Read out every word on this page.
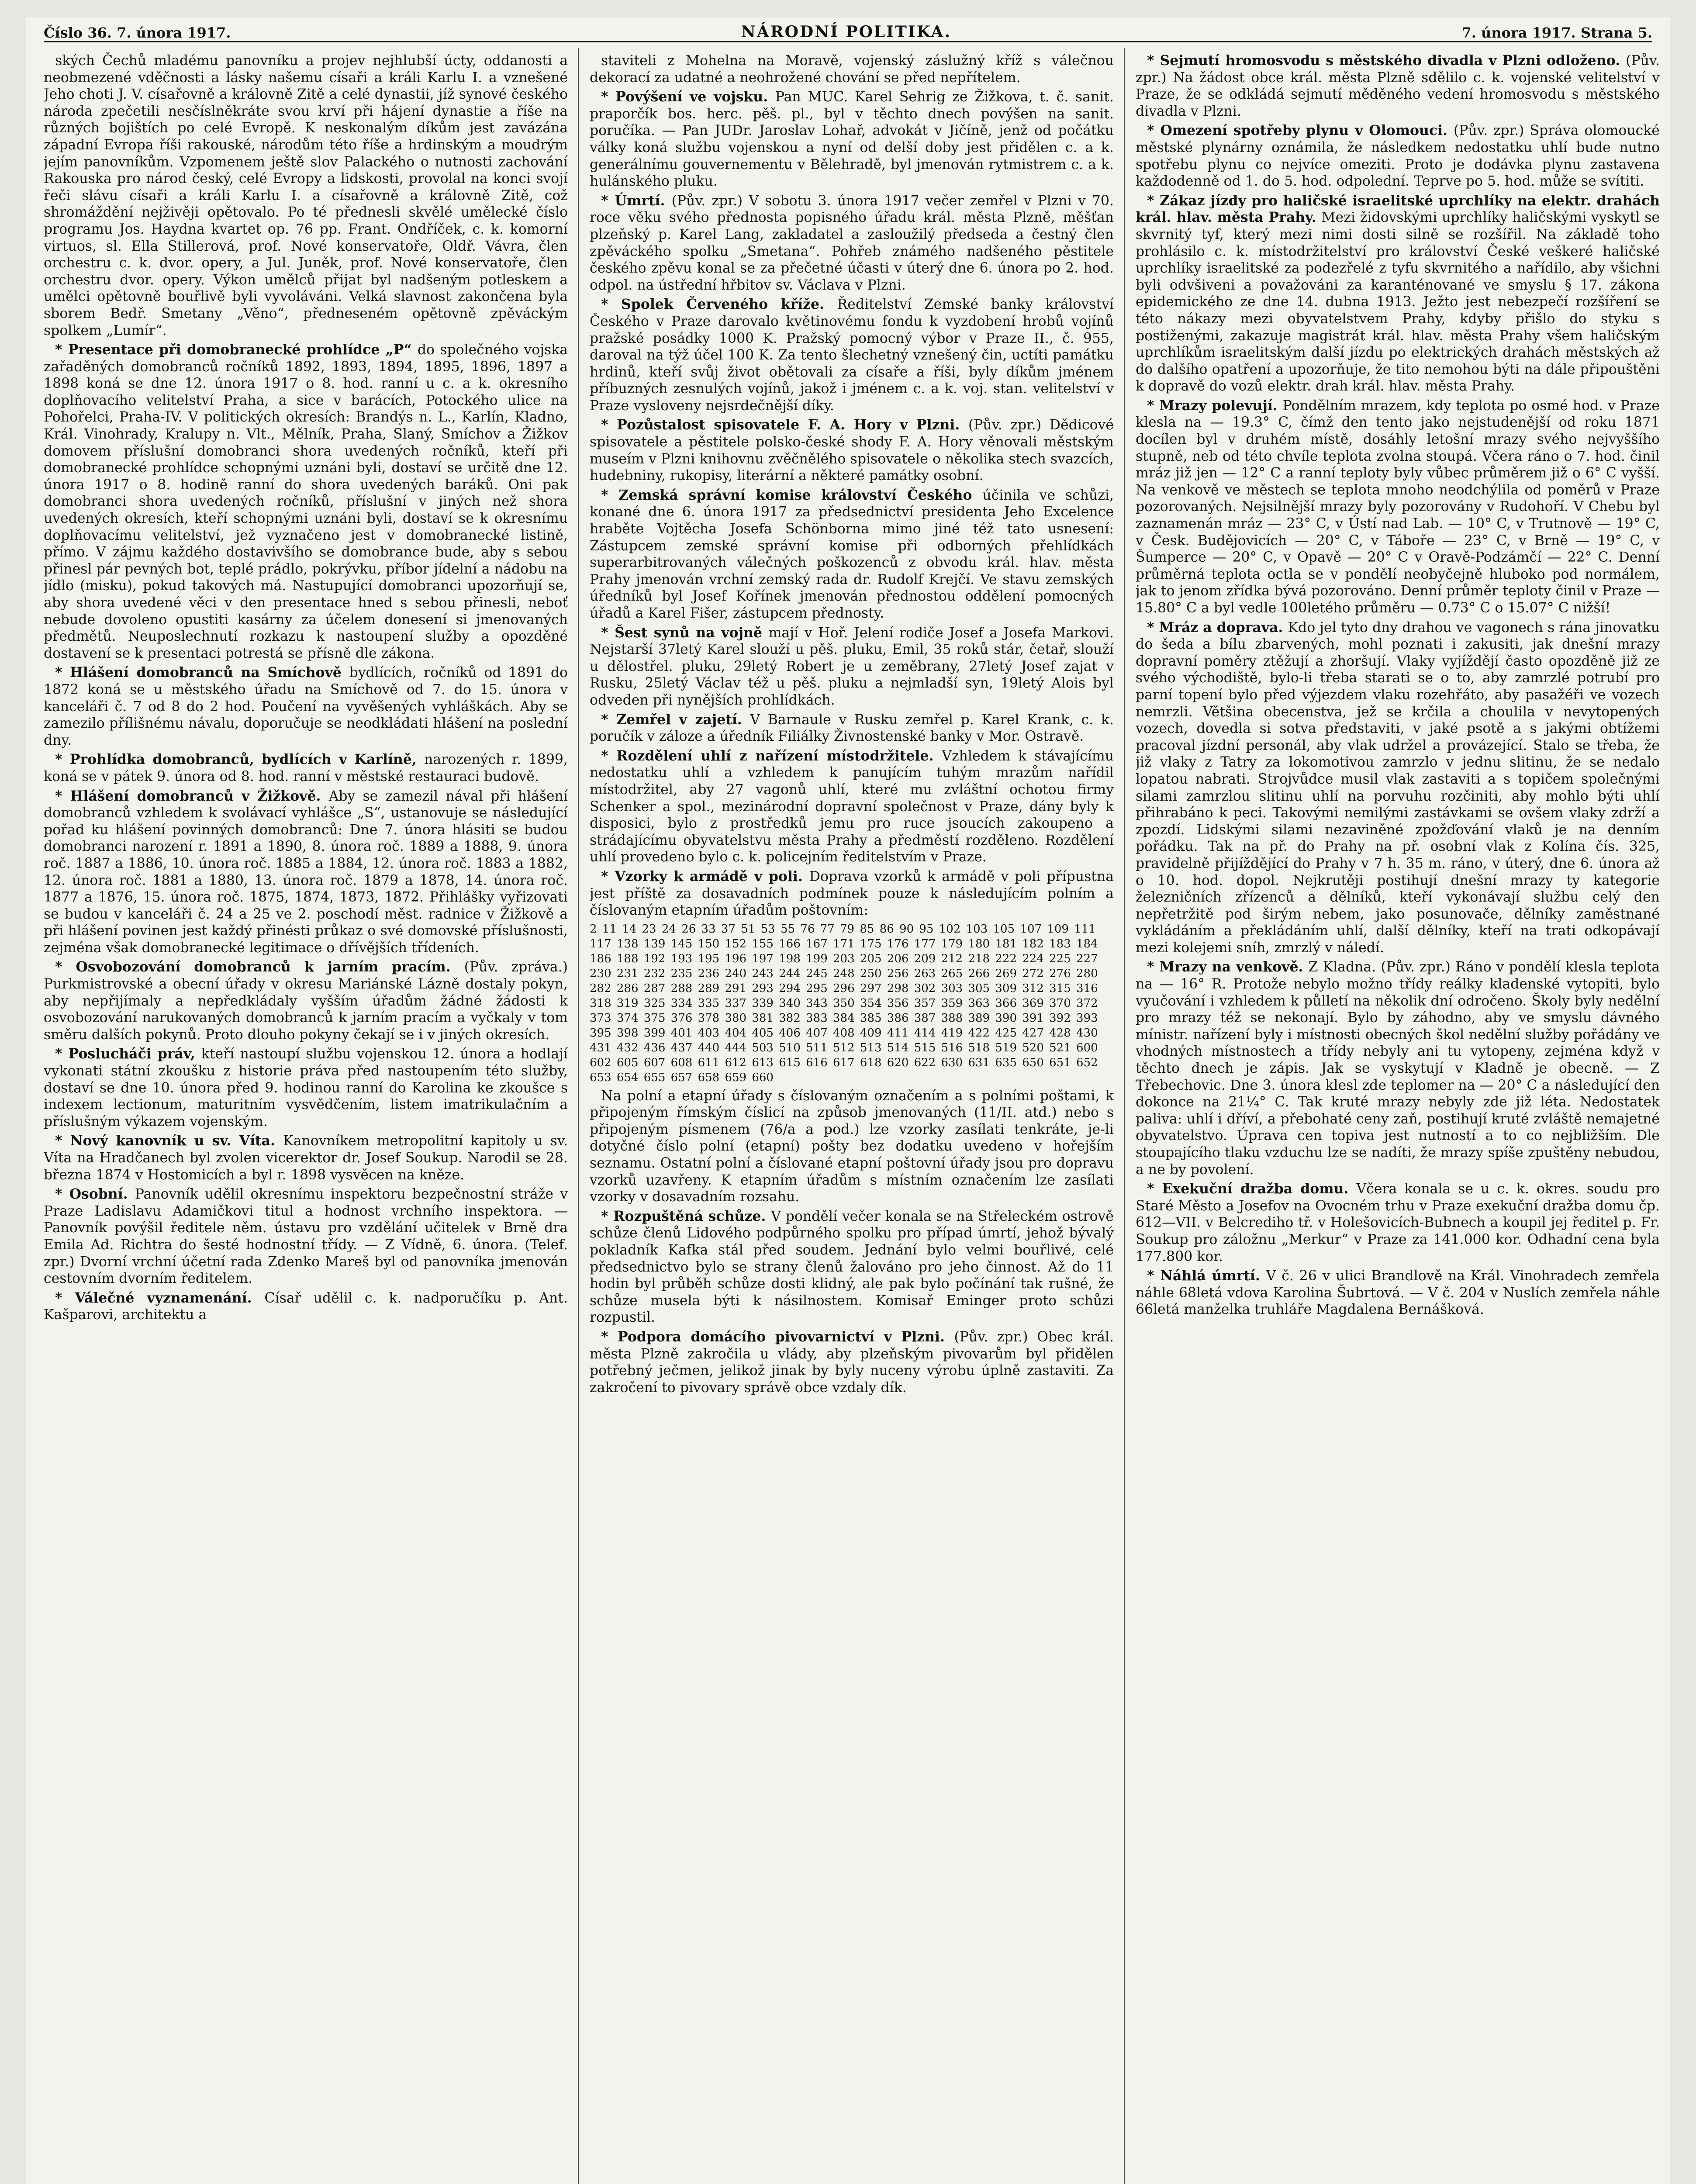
Číslo 36. 7. února 1917.	NÁRODNÍ POLITIKA.	7. února 1917. Strana 5.

ských Čechů mladému panovníku a projev nejhlubší úcty, oddanosti a neobmezené vděčnosti a lásky našemu císaři a králi Karlu I. a vznešené Jeho choti J. V. císařovně a královně Zitě a celé dynastii, jíž synové českého národa zpečetili nesčíslněkráte svou krví při hájení dynastie a říše na různých bojištích po celé Evropě. K neskonalým díkům jest zavázána západní Evropa říši rakouské, národům této říše a hrdinským a moudrým jejím panovníkům. Vzpomenem ještě slov Palackého o nutnosti zachování Rakouska pro národ český, celé Evropy a lidskosti, provolal na konci svojí řeči slávu císaři a králi Karlu I. a císařovně a královně Zitě, což shromáždění nejživěji opětovalo. Po té přednesli skvělé umělecké číslo programu Jos. Haydna kvartet op. 76 pp. Frant. Ondříček, c. k. komorní virtuos, sl. Ella Stillerová, prof. Nové konservatoře, Oldř. Vávra, člen orchestru c. k. dvor. opery, a Jul. Juněk, prof. Nové konservatoře, člen orchestru dvor. opery. Výkon umělců přijat byl nadšeným potleskem a umělci opětovně bouřlivě byli vyvoláváni. Velká slavnost zakončena byla sborem Bedř. Smetany „Věno“, předneseném opětovně zpěváckým spolkem „Lumír“.

* Presentace při domobranecké prohlídce „P“ do společného vojska zařaděných domobranců ročníků 1892, 1893, 1894, 1895, 1896, 1897 a 1898 koná se dne 12. února 1917 o 8. hod. ranní u c. a k. okresního doplňovacího velitelství Praha, a sice v barácích, Potockého ulice na Pohořelci, Praha-IV. V politických okresích: Brandýs n. L., Karlín, Kladno, Král. Vinohrady, Kralupy n. Vlt., Mělník, Praha, Slaný, Smíchov a Žižkov domovem příslušní domobranci shora uvedených ročníků, kteří při domobranecké prohlídce schopnými uznáni byli, dostaví se určitě dne 12. února 1917 o 8. hodině ranní do shora uvedených baráků. Oni pak domobranci shora uvedených ročníků, příslušní v jiných než shora uvedených okresích, kteří schopnými uznáni byli, dostaví se k okresnímu doplňovacímu velitelství, jež vyznačeno jest v domobranecké listině, přímo. V zájmu každého dostavivšího se domobrance bude, aby s sebou přinesl pár pevných bot, teplé prádlo, pokrývku, příbor jídelní a nádobu na jídlo (misku), pokud takových má. Nastupující domobranci upozorňují se, aby shora uvedené věci v den presentace hned s sebou přinesli, neboť nebude dovoleno opustiti kasárny za účelem donesení si jmenovaných předmětů. Neuposlechnutí rozkazu k nastoupení služby a opozděné dostavení se k presentaci potrestá se přísně dle zákona.

* Hlášení domobranců na Smíchově bydlících, ročníků od 1891 do 1872 koná se u městského úřadu na Smíchově od 7. do 15. února v kanceláři č. 7 od 8 do 2 hod. Poučení na vyvěšených vyhláškách. Aby se zamezilo přílišnému návalu, doporučuje se neodkládati hlášení na poslední dny.

* Prohlídka domobranců, bydlících v Karlíně, narozených r. 1899, koná se v pátek 9. února od 8. hod. ranní v městské restauraci budově.

* Hlášení domobranců v Žižkově. Aby se zamezil nával při hlášení domobranců vzhledem k svolávací vyhlášce „S“, ustanovuje se následující pořad ku hlášení povinných domobranců: Dne 7. února hlásiti se budou domobranci narození r. 1891 a 1890, 8. února roč. 1889 a 1888, 9. února roč. 1887 a 1886, 10. února roč. 1885 a 1884, 12. února roč. 1883 a 1882, 12. února roč. 1881 a 1880, 13. února roč. 1879 a 1878, 14. února roč. 1877 a 1876, 15. února roč. 1875, 1874, 1873, 1872. Přihlášky vyřizovati se budou v kanceláři č. 24 a 25 ve 2. poschodí měst. radnice v Žižkově a při hlášení povinen jest každý přinésti průkaz o své domovské příslušnosti, zejména však domobranecké legitimace o dřívějších třídeních.

* Osvobozování domobranců k jarním pracím. (Pův. zpráva.) Purkmistrovské a obecní úřady v okresu Mariánské Lázně dostaly pokyn, aby nepřijímaly a nepředkládaly vyšším úřadům žádné žádosti k osvobozování narukovaných domobranců k jarním pracím a vyčkaly v tom směru dalších pokynů. Proto dlouho pokyny čekají se i v jiných okresích.

* Poslucháči práv, kteří nastoupí službu vojenskou 12. února a hodlají vykonati státní zkoušku z historie práva před nastoupením této služby, dostaví se dne 10. února před 9. hodinou ranní do Karolina ke zkoušce s indexem lectionum, maturitním vysvědčením, listem imatrikulačním a příslušným výkazem vojenským.

* Nový kanovník u sv. Víta. Kanovníkem metropolitní kapitoly u sv. Víta na Hradčanech byl zvolen vicerektor dr. Josef Soukup. Narodil se 28. března 1874 v Hostomicích a byl r. 1898 vysvěcen na kněze.

* Osobní. Panovník udělil okresnímu inspektoru bezpečnostní stráže v Praze Ladislavu Adamičkovi titul a hodnost vrchního inspektora. — Panovník povýšil ředitele něm. ústavu pro vzdělání učitelek v Brně dra Emila Ad. Richtra do šesté hodnostní třídy. — Z Vídně, 6. února. (Telef. zpr.) Dvorní vrchní účetní rada Zdenko Mareš byl od panovníka jmenován cestovním dvorním ředitelem.

* Válečné vyznamenání. Císař udělil c. k. nadporučíku p. Ant. Kašparovi, architektu a

staviteli z Mohelna na Moravě, vojenský záslužný kříž s válečnou dekorací za udatné a neohrožené chování se před nepřítelem.

* Povýšení ve vojsku. Pan MUC. Karel Sehrig ze Žižkova, t. č. sanit. praporčík bos. herc. pěš. pl., byl v těchto dnech povýšen na sanit. poručíka. — Pan JUDr. Jaroslav Lohař, advokát v Jičíně, jenž od počátku války koná službu vojenskou a nyní od delší doby jest přidělen c. a k. generálnímu gouvernementu v Bělehradě, byl jmenován rytmistrem c. a k. hulánského pluku.

* Úmrtí. (Pův. zpr.) V sobotu 3. února 1917 večer zemřel v Plzni v 70. roce věku svého přednosta popisného úřadu král. města Plzně, měšťan plzeňský p. Karel Lang, zakladatel a zasloužilý předseda a čestný člen zpěváckého spolku „Smetana“. Pohřeb známého nadšeného pěstitele českého zpěvu konal se za přečetné účasti v úterý dne 6. února po 2. hod. odpol. na ústřední hřbitov sv. Václava v Plzni.

* Spolek Červeného kříže. Ředitelství Zemské banky království Českého v Praze darovalo květinovému fondu k vyzdobení hrobů vojínů pražské posádky 1000 K. Pražský pomocný výbor v Praze II., č. 955, daroval na týž účel 100 K. Za tento šlechetný vznešený čin, uctíti památku hrdinů, kteří svůj život obětovali za císaře a říši, byly díkům jménem příbuzných zesnulých vojínů, jakož i jménem c. a k. voj. stan. velitelství v Praze vysloveny nejsrdečnější díky.

* Pozůstalost spisovatele F. A. Hory v Plzni. (Pův. zpr.) Dědicové spisovatele a pěstitele polsko-české shody F. A. Hory věnovali městským museím v Plzni knihovnu zvěčnělého spisovatele o několika stech svazcích, hudebniny, rukopisy, literární a některé památky osobní.

* Zemská správní komise království Českého účinila ve schůzi, konané dne 6. února 1917 za předsednictví presidenta Jeho Excelence hraběte Vojtěcha Josefa Schönborna mimo jiné též tato usnesení: Zástupcem zemské správní komise při odborných přehlídkách superarbitrovaných válečných poškozenců z obvodu král. hlav. města Prahy jmenován vrchní zemský rada dr. Rudolf Krejčí. Ve stavu zemských úředníků byl Josef Kořínek jmenován přednostou oddělení pomocných úřadů a Karel Fišer, zástupcem přednosty.

* Šest synů na vojně mají v Hoř. Jelení rodiče Josef a Josefa Markovi. Nejstarší 37letý Karel slouží u pěš. pluku, Emil, 35 roků stár, četař, slouží u dělostřel. pluku, 29letý Robert je u zeměbrany, 27letý Josef zajat v Rusku, 25letý Václav též u pěš. pluku a nejmladší syn, 19letý Alois byl odveden při nynějších prohlídkách.

* Zemřel v zajetí. V Barnaule v Rusku zemřel p. Karel Krank, c. k. poručík v záloze a úředník Filiálky Živnostenské banky v Mor. Ostravě.

* Rozdělení uhlí z nařízení místodržitele. Vzhledem k stávajícímu nedostatku uhlí a vzhledem k panujícím tuhým mrazům nařídil místodržitel, aby 27 vagonů uhlí, které mu zvláštní ochotou firmy Schenker a spol., mezinárodní dopravní společnost v Praze, dány byly k disposici, bylo z prostředků jemu pro ruce jsoucích zakoupeno a strádajícímu obyvatelstvu města Prahy a předměstí rozděleno. Rozdělení uhlí provedeno bylo c. k. policejním ředitelstvím v Praze.

* Vzorky k armádě v poli. Doprava vzorků k armádě v poli přípustna jest příště za dosavadních podmínek pouze k následujícím polním a číslovaným etapním úřadům poštovním:

2 11 14 23 24 26 33 37 51 53 55 76 77 79 85 86 90 95 102 103 105 107 109 111 117 138 139 145 150 152 155 166 167 171 175 176 177 179 180 181 182 183 184 186 188 192 193 195 196 197 198 199 203 205 206 209 212 218 222 224 225 227 230 231 232 235 236 240 243 244 245 248 250 256 263 265 266 269 272 276 280 282 286 287 288 289 291 293 294 295 296 297 298 302 303 305 309 312 315 316 318 319 325 334 335 337 339 340 343 350 354 356 357 359 363 366 369 370 372 373 374 375 376 378 380 381 382 383 384 385 386 387 388 389 390 391 392 393 395 398 399 401 403 404 405 406 407 408 409 411 414 419 422 425 427 428 430 431 432 436 437 440 444 503 510 511 512 513 514 515 516 518 519 520 521 600 602 605 607 608 611 612 613 615 616 617 618 620 622 630 631 635 650 651 652 653 654 655 657 658 659 660

Na polní a etapní úřady s číslovaným označením a s polními poštami, k připojeným římským číslicí na způsob jmenovaných (11/II. atd.) nebo s připojeným písmenem (76/a a pod.) lze vzorky zasílati tenkráte, je-li dotyčné číslo polní (etapní) pošty bez dodatku uvedeno v hořejším seznamu. Ostatní polní a číslované etapní poštovní úřady jsou pro dopravu vzorků uzavřeny. K etapním úřadům s místním označením lze zasílati vzorky v dosavadním rozsahu.

* Rozpuštěná schůze. V pondělí večer konala se na Střeleckém ostrově schůze členů Lidového podpůrného spolku pro případ úmrtí, jehož bývalý pokladník Kafka stál před soudem. Jednání bylo velmi bouřlivé, celé předsednictvo bylo se strany členů žalováno pro jeho činnost. Až do 11 hodin byl průběh schůze dosti klidný, ale pak bylo počínání tak rušné, že schůze musela býti k násilnostem. Komisař Eminger proto schůzi rozpustil.

* Podpora domácího pivovarnictví v Plzni. (Pův. zpr.) Obec král. města Plzně zakročila u vlády, aby plzeňským pivovarům byl přidělen potřebný ječmen, jelikož jinak by byly nuceny výrobu úplně zastaviti. Za zakročení to pivovary správě obce vzdaly dík.

* Sejmutí hromosvodu s městského divadla v Plzni odloženo. (Pův. zpr.) Na žádost obce král. města Plzně sdělilo c. k. vojenské velitelství v Praze, že se odkládá sejmutí měděného vedení hromosvodu s městského divadla v Plzni.

* Omezení spotřeby plynu v Olomouci. (Pův. zpr.) Správa olomoucké městské plynárny oznámila, že následkem nedostatku uhlí bude nutno spotřebu plynu co nejvíce omeziti. Proto je dodávka plynu zastavena každodenně od 1. do 5. hod. odpolední. Teprve po 5. hod. může se svítiti.

* Zákaz jízdy pro haličské israelitské uprchlíky na elektr. drahách král. hlav. města Prahy. Mezi židovskými uprchlíky haličskými vyskytl se skvrnitý tyf, který mezi nimi dosti silně se rozšířil. Na základě toho prohlásilo c. k. místodržitelství pro království České veškeré haličské uprchlíky israelitské za podezřelé z tyfu skvrnitého a nařídilo, aby všichni byli odvšiveni a považováni za karanténované ve smyslu § 17. zákona epidemického ze dne 14. dubna 1913. Ježto jest nebezpečí rozšíření se této nákazy mezi obyvatelstvem Prahy, kdyby přišlo do styku s postiženými, zakazuje magistrát král. hlav. města Prahy všem haličským uprchlíkům israelitským další jízdu po elektrických drahách městských až do dalšího opatření a upozorňuje, že tito nemohou býti na dále připouštěni k dopravě do vozů elektr. drah král. hlav. města Prahy.

* Mrazy polevují. Pondělním mrazem, kdy teplota po osmé hod. v Praze klesla na — 19.3° C, čímž den tento jako nejstudenější od roku 1871 docílen byl v druhém místě, dosáhly letošní mrazy svého nejvyššího stupně, neb od této chvíle teplota zvolna stoupá. Včera ráno o 7. hod. činil mráz již jen — 12° C a ranní teploty byly vůbec průměrem již o 6° C vyšší. Na venkově ve městech se teplota mnoho neodchýlila od poměrů v Praze pozorovaných. Nejsilnější mrazy byly pozorovány v Rudohoří. V Chebu byl zaznamenán mráz — 23° C, v Ústí nad Lab. — 10° C, v Trutnově — 19° C, v Česk. Budějovicích — 20° C, v Táboře — 23° C, v Brně — 19° C, v Šumperce — 20° C, v Opavě — 20° C v Oravě-Podzámčí — 22° C. Denní průměrná teplota octla se v pondělí neobyčejně hluboko pod normálem, jak to jenom zřídka bývá pozorováno. Denní průměr teploty činil v Praze — 15.80° C a byl vedle 100letého průměru — 0.73° C o 15.07° C nižší!

* Mráz a doprava. Kdo jel tyto dny drahou ve vagonech s rána jinovatku do šeda a bílu zbarvených, mohl poznati i zakusiti, jak dnešní mrazy dopravní poměry ztěžují a zhoršují. Vlaky vyjíždějí často opozděně již ze svého východiště, bylo-li třeba starati se o to, aby zamrzlé potrubí pro parní topení bylo před výjezdem vlaku rozehřáto, aby pasažéři ve vozech nemrzli. Většina obecenstva, jež se krčila a choulila v nevytopených vozech, dovedla si sotva představiti, v jaké psotě a s jakými obtížemi pracoval jízdní personál, aby vlak udržel a provázející. Stalo se třeba, že již vlaky z Tatry za lokomotivou zamrzlo v jednu slitinu, že se nedalo lopatou nabrati. Strojvůdce musil vlak zastaviti a s topičem společnými silami zamrzlou slitinu uhlí na porvuhu rozčiniti, aby mohlo býti uhlí přihrabáno k peci. Takovými nemilými zastávkami se ovšem vlaky zdrží a zpozdí. Lidskými silami nezaviněné zpožďování vlaků je na denním pořádku. Tak na př. do Prahy na př. osobní vlak z Kolína čís. 325, pravidelně přijíždějící do Prahy v 7 h. 35 m. ráno, v úterý, dne 6. února až o 10. hod. dopol. Nejkrutěji postihují dnešní mrazy ty kategorie železničních zřízenců a dělníků, kteří vykonávají službu celý den nepřetržitě pod širým nebem, jako posunovače, dělníky zaměstnané vykládáním a překládáním uhlí, další dělníky, kteří na trati odkopávají mezi kolejemi sníh, zmrzlý v náledí.

* Mrazy na venkově. Z Kladna. (Pův. zpr.) Ráno v pondělí klesla teplota na — 16° R. Protože nebylo možno třídy reálky kladenské vytopiti, bylo vyučování i vzhledem k půlletí na několik dní odročeno. Školy byly nedělní pro mrazy též se nekonají. Bylo by záhodno, aby ve smyslu dávného mínistr. nařízení byly i místnosti obecných škol nedělní služby pořádány ve vhodných místnostech a třídy nebyly ani tu vytopeny, zejména když v těchto dnech je zápis. Jak se vyskytují v Kladně je obecně. — Z Třebechovic. Dne 3. února klesl zde teplomer na — 20° C a následující den dokonce na 21¼° C. Tak kruté mrazy nebyly zde již léta. Nedostatek paliva: uhlí i dříví, a přebohaté ceny zaň, postihují kruté zvláště nemajetné obyvatelstvo. Úprava cen topiva jest nutností a to co nejbližším. Dle stoupajícího tlaku vzduchu lze se nadíti, že mrazy spíše zpuštěny nebudou, a ne by povolení.

* Exekuční dražba domu. Včera konala se u c. k. okres. soudu pro Staré Město a Josefov na Ovocném trhu v Praze exekuční dražba domu čp. 612—VII. v Belcrediho tř. v Holešovicích-Bubnech a koupil jej ředitel p. Fr. Soukup pro záložnu „Merkur“ v Praze za 141.000 kor. Odhadní cena byla 177.800 kor.

* Náhlá úmrtí. V č. 26 v ulici Brandlově na Král. Vinohradech zemřela náhle 68letá vdova Karolina Šubrtová. — V č. 204 v Nuslích zemřela náhle 66letá manželka truhláře Magdalena Bernášková.
